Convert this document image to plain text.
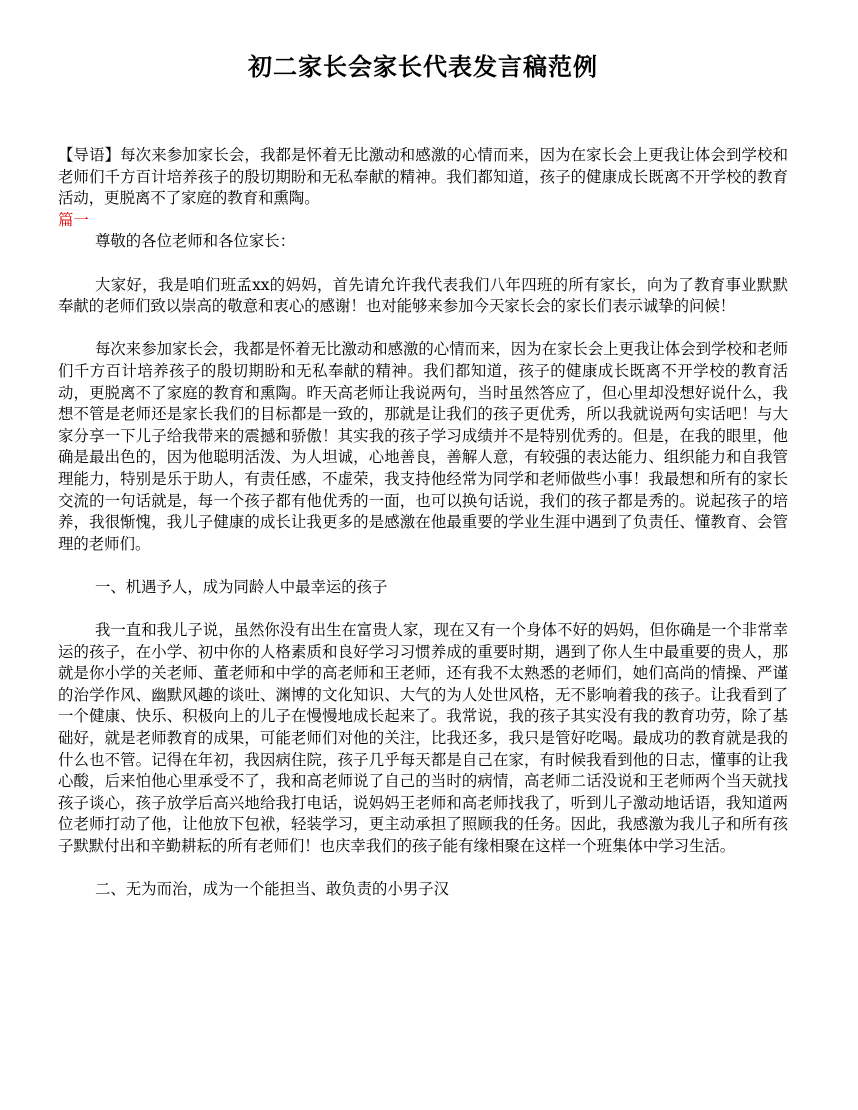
初二家长会家长代表发言稿范例

【导语】每次来参加家长会，我都是怀着无比激动和感激的心情而来，因为在家长会上更我让体会到学校和老师们千方百计培养孩子的殷切期盼和无私奉献的精神。我们都知道，孩子的健康成长既离不开学校的教育活动，更脱离不了家庭的教育和熏陶。

篇一

尊敬的各位老师和各位家长：

大家好，我是咱们班孟xx的妈妈，首先请允许我代表我们八年四班的所有家长，向为了教育事业默默奉献的老师们致以崇高的敬意和衷心的感谢！也对能够来参加今天家长会的家长们表示诚挚的问候！

每次来参加家长会，我都是怀着无比激动和感激的心情而来，因为在家长会上更我让体会到学校和老师们千方百计培养孩子的殷切期盼和无私奉献的精神。我们都知道，孩子的健康成长既离不开学校的教育活动，更脱离不了家庭的教育和熏陶。昨天高老师让我说两句，当时虽然答应了，但心里却没想好说什么，我想不管是老师还是家长我们的目标都是一致的，那就是让我们的孩子更优秀，所以我就说两句实话吧！与大家分享一下儿子给我带来的震撼和骄傲！其实我的孩子学习成绩并不是特别优秀的。但是，在我的眼里，他确是最出色的，因为他聪明活泼、为人坦诚，心地善良，善解人意，有较强的表达能力、组织能力和自我管理能力，特别是乐于助人，有责任感，不虚荣，我支持他经常为同学和老师做些小事！我最想和所有的家长交流的一句话就是，每一个孩子都有他优秀的一面，也可以换句话说，我们的孩子都是秀的。说起孩子的培养，我很惭愧，我儿子健康的成长让我更多的是感激在他最重要的学业生涯中遇到了负责任、懂教育、会管理的老师们。

一、机遇予人，成为同龄人中最幸运的孩子

我一直和我儿子说，虽然你没有出生在富贵人家，现在又有一个身体不好的妈妈，但你确是一个非常幸运的孩子，在小学、初中你的人格素质和良好学习习惯养成的重要时期，遇到了你人生中最重要的贵人，那就是你小学的关老师、董老师和中学的高老师和王老师，还有我不太熟悉的老师们，她们高尚的情操、严谨的治学作风、幽默风趣的谈吐、渊博的文化知识、大气的为人处世风格，无不影响着我的孩子。让我看到了一个健康、快乐、积极向上的儿子在慢慢地成长起来了。我常说，我的孩子其实没有我的教育功劳，除了基础好，就是老师教育的成果，可能老师们对他的关注，比我还多，我只是管好吃喝。最成功的教育就是我的什么也不管。记得在年初，我因病住院，孩子几乎每天都是自己在家，有时候我看到他的日志，懂事的让我心酸，后来怕他心里承受不了，我和高老师说了自己的当时的病情，高老师二话没说和王老师两个当天就找孩子谈心，孩子放学后高兴地给我打电话，说妈妈王老师和高老师找我了，听到儿子激动地话语，我知道两位老师打动了他，让他放下包袱，轻装学习，更主动承担了照顾我的任务。因此，我感激为我儿子和所有孩子默默付出和辛勤耕耘的所有老师们！也庆幸我们的孩子能有缘相聚在这样一个班集体中学习生活。

二、无为而治，成为一个能担当、敢负责的小男子汉
